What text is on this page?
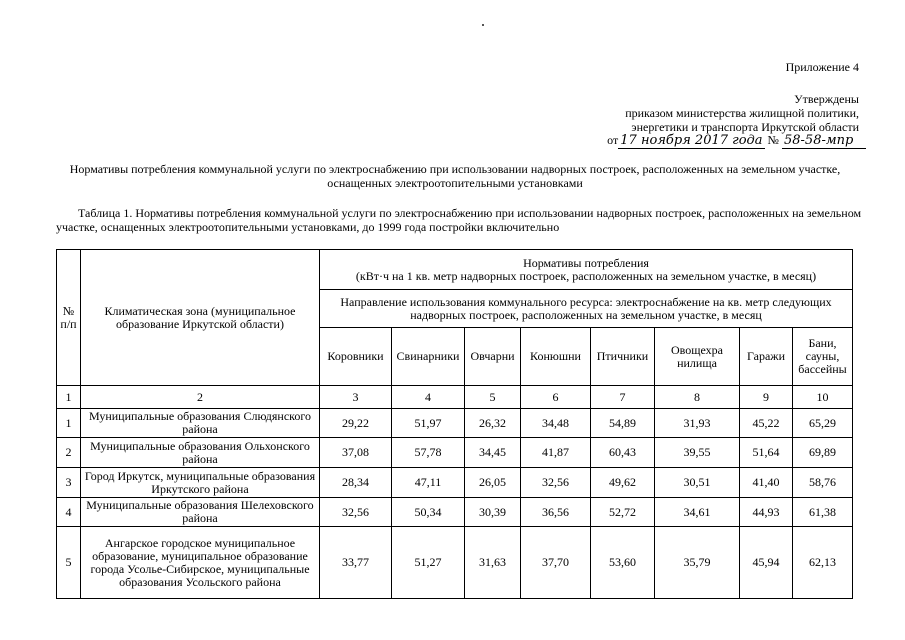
Приложение 4
Утверждены
приказом министерства жилищной политики,
энергетики и транспорта Иркутской области
от 17 ноября 2017 года № 58-58-мпр
Нормативы потребления коммунальной услуги по электроснабжению при использовании надворных построек, расположенных на земельном участке, оснащенных электроотопительными установками
Таблица 1. Нормативы потребления коммунальной услуги по электроснабжению при использовании надворных построек, расположенных на земельном участке, оснащенных электроотопительными установками, до 1999 года постройки включительно
№ п/п	Климатическая зона (муниципальное образование Иркутской области)	Нормативы потребления
(кВт·ч на 1 кв. метр надворных построек, расположенных на земельном участке, в месяц)							

		Направление использования коммунального ресурса: электроснабжение на кв. метр следующих надворных построек, расположенных на земельном участке, в месяц							
		Коровники	Свинарники	Овчарни	Конюшни	Птичники	Овощехра нилища	Гаражи	Бани, сауны, бассейны
1	2	3	4	5	6	7	8	9	10
1	Муниципальные образования Слюдянского района	29,22	51,97	26,32	34,48	54,89	31,93	45,22	65,29
2	Муниципальные образования Ольхонского района	37,08	57,78	34,45	41,87	60,43	39,55	51,64	69,89
3	Город Иркутск, муниципальные образования Иркутского района	28,34	47,11	26,05	32,56	49,62	30,51	41,40	58,76
4	Муниципальные образования Шелеховского района	32,56	50,34	30,39	36,56	52,72	34,61	44,93	61,38
5	Ангарское городское муниципальное образование, муниципальное образование города Усолье-Сибирское, муниципальные образования Усольского района	33,77	51,27	31,63	37,70	53,60	35,79	45,94	62,13
